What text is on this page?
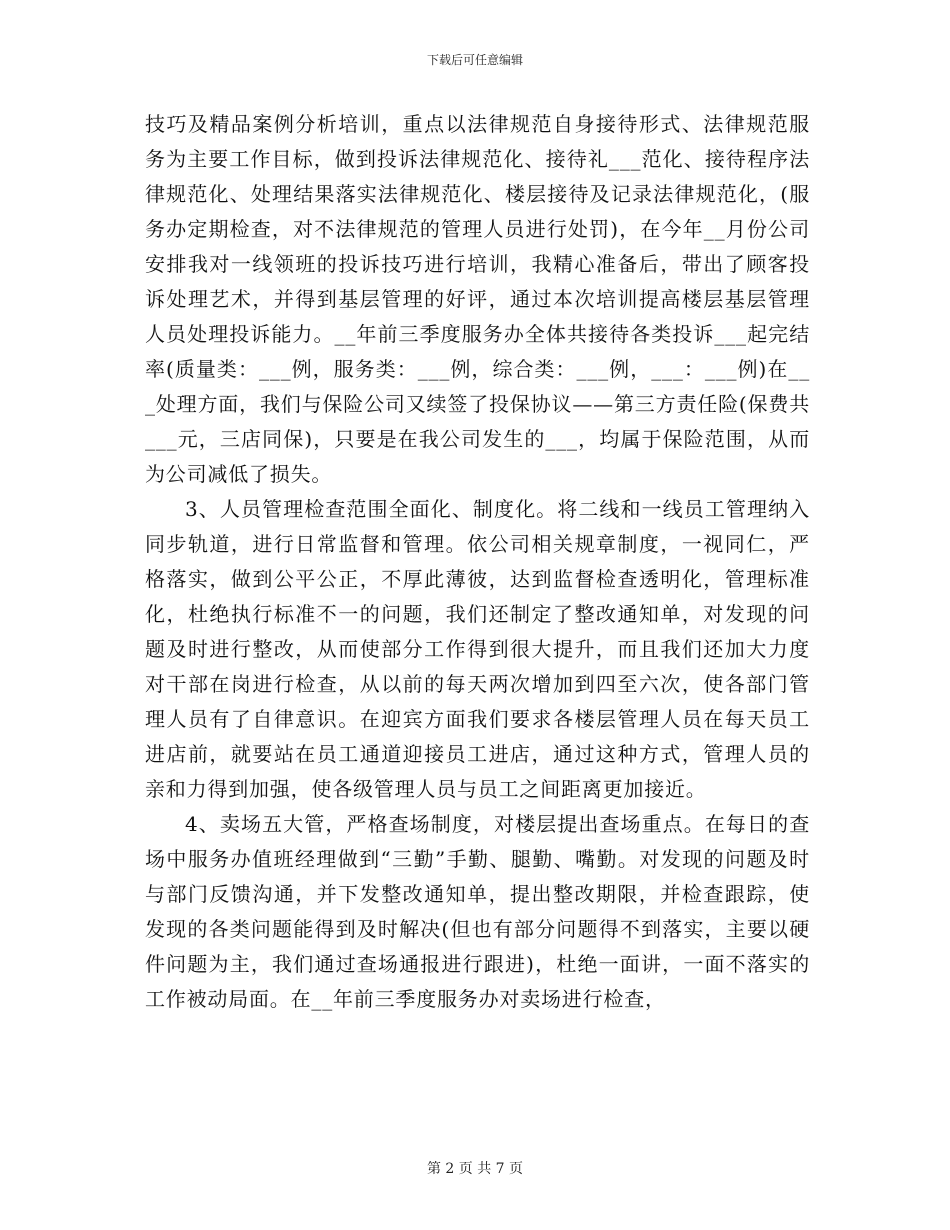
下载后可任意编辑

技巧及精品案例分析培训，重点以法律规范自身接待形式、法律规范服务为主要工作目标，做到投诉法律规范化、接待礼___范化、接待程序法律规范化、处理结果落实法律规范化、楼层接待及记录法律规范化，(服务办定期检查，对不法律规范的管理人员进行处罚)，在今年__月份公司安排我对一线领班的投诉技巧进行培训，我精心准备后，带出了顾客投诉处理艺术，并得到基层管理的好评，通过本次培训提高楼层基层管理人员处理投诉能力。__年前三季度服务办全体共接待各类投诉___起完结率(质量类：___例，服务类：___例，综合类：___例，___：___例)在___处理方面，我们与保险公司又续签了投保协议——第三方责任险(保费共___元，三店同保)，只要是在我公司发生的___，均属于保险范围，从而为公司减低了损失。

3、人员管理检查范围全面化、制度化。将二线和一线员工管理纳入同步轨道，进行日常监督和管理。依公司相关规章制度，一视同仁，严格落实，做到公平公正，不厚此薄彼，达到监督检查透明化，管理标准化，杜绝执行标准不一的问题，我们还制定了整改通知单，对发现的问题及时进行整改，从而使部分工作得到很大提升，而且我们还加大力度对干部在岗进行检查，从以前的每天两次增加到四至六次，使各部门管理人员有了自律意识。在迎宾方面我们要求各楼层管理人员在每天员工进店前，就要站在员工通道迎接员工进店，通过这种方式，管理人员的亲和力得到加强，使各级管理人员与员工之间距离更加接近。

4、卖场五大管，严格查场制度，对楼层提出查场重点。在每日的查场中服务办值班经理做到“三勤”手勤、腿勤、嘴勤。对发现的问题及时与部门反馈沟通，并下发整改通知单，提出整改期限，并检查跟踪，使发现的各类问题能得到及时解决(但也有部分问题得不到落实，主要以硬件问题为主，我们通过查场通报进行跟进)，杜绝一面讲，一面不落实的工作被动局面。在__年前三季度服务办对卖场进行检查，

第 2 页 共 7 页
